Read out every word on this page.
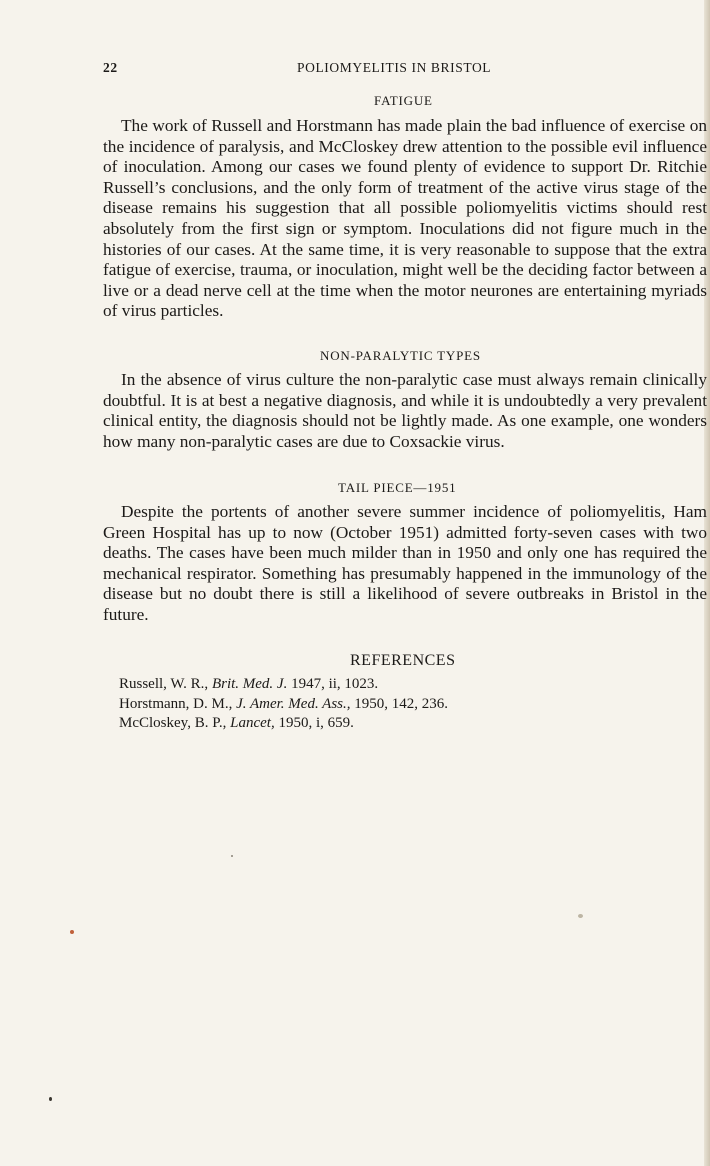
22	POLIOMYELITIS IN BRISTOL
FATIGUE

The work of Russell and Horstmann has made plain the bad influence of exercise on the incidence of paralysis, and McCloskey drew attention to the possible evil influence of inoculation. Among our cases we found plenty of evidence to support Dr. Ritchie Russell’s conclusions, and the only form of treatment of the active virus stage of the disease remains his suggestion that all possible poliomyelitis victims should rest absolutely from the first sign or symptom. Inoculations did not figure much in the histories of our cases. At the same time, it is very reasonable to suppose that the extra fatigue of exercise, trauma, or inoculation, might well be the deciding factor between a live or a dead nerve cell at the time when the motor neurones are entertaining myriads of virus particles.

NON-PARALYTIC TYPES

In the absence of virus culture the non-paralytic case must always remain clinically doubtful. It is at best a negative diagnosis, and while it is undoubtedly a very prevalent clinical entity, the diagnosis should not be lightly made. As one example, one wonders how many non-paralytic cases are due to Coxsackie virus.

TAIL PIECE—1951

Despite the portents of another severe summer incidence of poliomyelitis, Ham Green Hospital has up to now (October 1951) admitted forty-seven cases with two deaths. The cases have been much milder than in 1950 and only one has required the mechanical respirator. Something has presumably happened in the immunology of the disease but no doubt there is still a likelihood of severe outbreaks in Bristol in the future.

REFERENCES
Russell, W. R., Brit. Med. J. 1947, ii, 1023.
Horstmann, D. M., J. Amer. Med. Ass., 1950, 142, 236.
McCloskey, B. P., Lancet, 1950, i, 659.
